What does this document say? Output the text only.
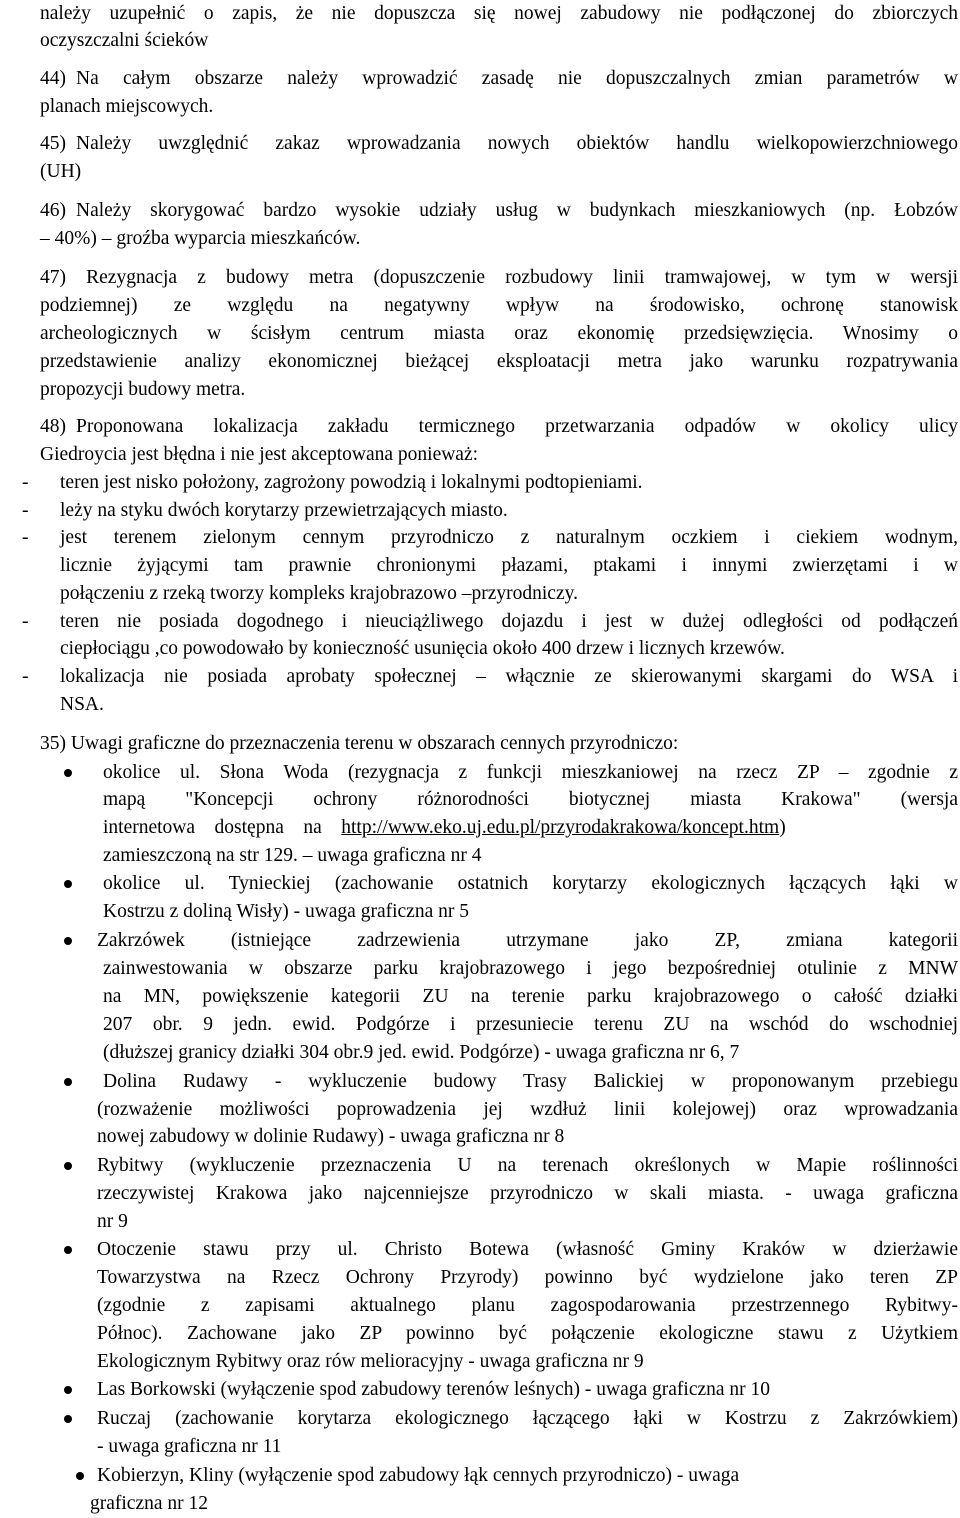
należy uzupełnić o zapis, że nie dopuszcza się nowej zabudowy nie podłączonej do zbiorczych
oczyszczalni ścieków
44) Na całym obszarze należy wprowadzić zasadę nie dopuszczalnych zmian parametrów w
planach miejscowych.
45) Należy uwzględnić zakaz wprowadzania nowych obiektów handlu wielkopowierzchniowego
(UH)
46) Należy skorygować bardzo wysokie udziały usług w budynkach mieszkaniowych (np. Łobzów
– 40%) – groźba wyparcia mieszkańców.
47) Rezygnacja z budowy metra (dopuszczenie rozbudowy linii tramwajowej, w tym w wersji
podziemnej) ze względu na negatywny wpływ na środowisko, ochronę stanowisk
archeologicznych w ścisłym centrum miasta oraz ekonomię przedsięwzięcia. Wnosimy o
przedstawienie analizy ekonomicznej bieżącej eksploatacji metra jako warunku rozpatrywania
propozycji budowy metra.
48) Proponowana lokalizacja zakładu termicznego przetwarzania odpadów w okolicy ulicy
Giedroycia jest błędna i nie jest akceptowana ponieważ:
- teren jest nisko położony, zagrożony powodzią i lokalnymi podtopieniami.
- leży na styku dwóch korytarzy przewietrzających miasto.
- jest terenem zielonym cennym przyrodniczo z naturalnym oczkiem i ciekiem wodnym,
licznie żyjącymi tam prawnie chronionymi płazami, ptakami i innymi zwierzętami i w
połączeniu z rzeką tworzy kompleks krajobrazowo –przyrodniczy.
- teren nie posiada dogodnego i nieuciążliwego dojazdu i jest w dużej odległości od podłączeń
ciepłociągu ,co powodowało by konieczność usunięcia około 400 drzew i licznych krzewów.
- lokalizacja nie posiada aprobaty społecznej – włącznie ze skierowanymi skargami do WSA i
NSA.
35) Uwagi graficzne do przeznaczenia terenu w obszarach cennych przyrodniczo:
okolice ul. Słona Woda (rezygnacja z funkcji mieszkaniowej na rzecz ZP – zgodnie z
mapą "Koncepcji ochrony różnorodności biotycznej miasta Krakowa" (wersja
internetowa    dostępna    na    http://www.eko.uj.edu.pl/przyrodakrakowa/koncept.htm)
zamieszczoną na str 129. – uwaga graficzna nr 4
okolice ul. Tynieckiej (zachowanie ostatnich korytarzy ekologicznych łączących łąki w
Kostrzu z doliną Wisły) - uwaga graficzna nr 5
Zakrzówek (istniejące zadrzewienia utrzymane jako ZP, zmiana kategorii
zainwestowania w obszarze parku krajobrazowego i jego bezpośredniej otulinie z MNW
na MN, powiększenie kategorii ZU na terenie parku krajobrazowego o całość działki
207 obr. 9 jedn. ewid. Podgórze i przesuniecie terenu ZU na wschód do wschodniej
(dłuższej granicy działki 304 obr.9 jed. ewid. Podgórze) - uwaga graficzna nr 6, 7
Dolina Rudawy - wykluczenie budowy Trasy Balickiej w proponowanym przebiegu
(rozważenie możliwości poprowadzenia jej wzdłuż linii kolejowej) oraz wprowadzania
nowej zabudowy w dolinie Rudawy) - uwaga graficzna nr 8
Rybitwy (wykluczenie przeznaczenia U na terenach określonych w Mapie roślinności
rzeczywistej Krakowa jako najcenniejsze przyrodniczo w skali miasta. - uwaga graficzna
nr 9
Otoczenie stawu przy ul. Christo Botewa (własność Gminy Kraków w dzierżawie
Towarzystwa na Rzecz Ochrony Przyrody) powinno być wydzielone jako teren ZP
(zgodnie z zapisami aktualnego planu zagospodarowania przestrzennego Rybitwy-
Północ). Zachowane jako ZP powinno być połączenie ekologiczne stawu z Użytkiem
Ekologicznym Rybitwy oraz rów melioracyjny - uwaga graficzna nr 9
Las Borkowski (wyłączenie spod zabudowy terenów leśnych) - uwaga graficzna nr 10
Ruczaj (zachowanie korytarza ekologicznego łączącego łąki w Kostrzu z Zakrzówkiem)
- uwaga graficzna nr 11
Kobierzyn, Kliny (wyłączenie spod zabudowy łąk cennych przyrodniczo) - uwaga
graficzna nr 12
